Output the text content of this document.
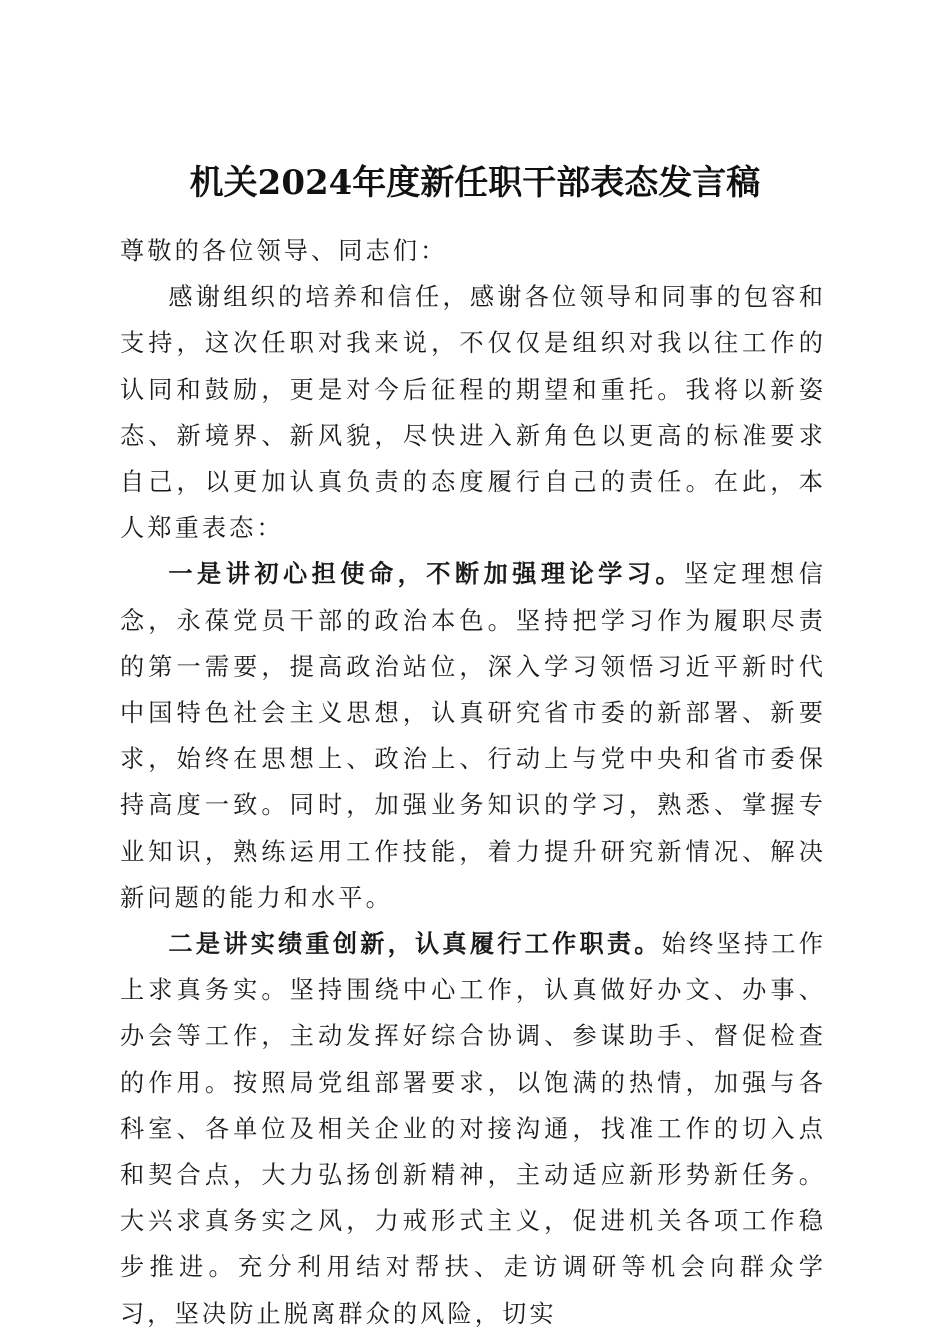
机关2024年度新任职干部表态发言稿

尊敬的各位领导、同志们：

感谢组织的培养和信任，感谢各位领导和同事的包容和支持，这次任职对我来说，不仅仅是组织对我以往工作的认同和鼓励，更是对今后征程的期望和重托。我将以新姿态、新境界、新风貌，尽快进入新角色以更高的标准要求自己，以更加认真负责的态度履行自己的责任。在此，本人郑重表态：

一是讲初心担使命，不断加强理论学习。坚定理想信念，永葆党员干部的政治本色。坚持把学习作为履职尽责的第一需要，提高政治站位，深入学习领悟习近平新时代中国特色社会主义思想，认真研究省市委的新部署、新要求，始终在思想上、政治上、行动上与党中央和省市委保持高度一致。同时，加强业务知识的学习，熟悉、掌握专业知识，熟练运用工作技能，着力提升研究新情况、解决新问题的能力和水平。

二是讲实绩重创新，认真履行工作职责。始终坚持工作上求真务实。坚持围绕中心工作，认真做好办文、办事、办会等工作，主动发挥好综合协调、参谋助手、督促检查的作用。按照局党组部署要求，以饱满的热情，加强与各科室、各单位及相关企业的对接沟通，找准工作的切入点和契合点，大力弘扬创新精神，主动适应新形势新任务。大兴求真务实之风，力戒形式主义，促进机关各项工作稳步推进。充分利用结对帮扶、走访调研等机会向群众学习，坚决防止脱离群众的风险，切实
